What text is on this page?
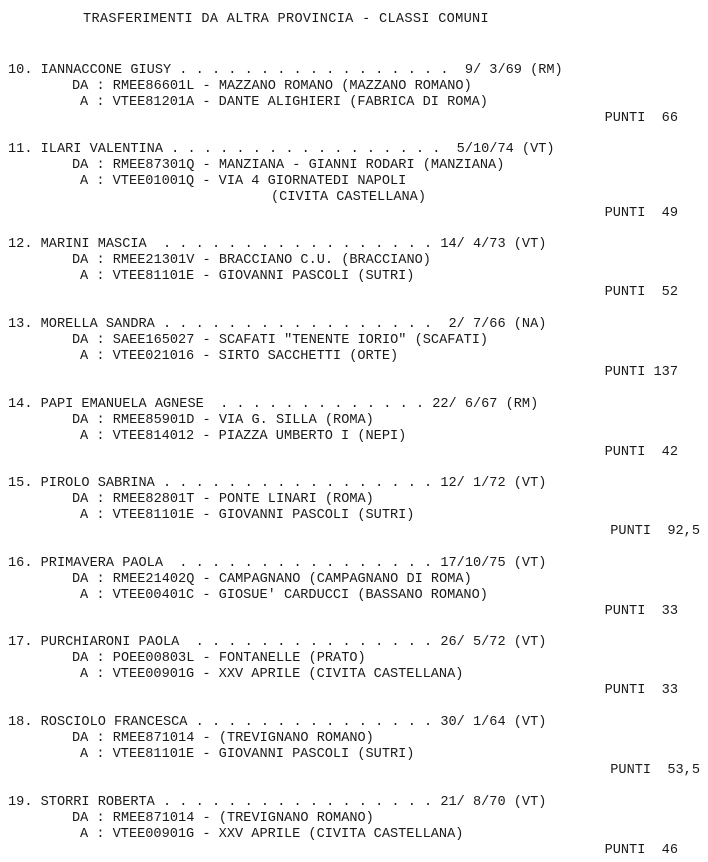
TRASFERIMENTI DA ALTRA PROVINCIA - CLASSI COMUNI
10. IANNACCONE GIUSY . . . . . . . . . . . . . . . . .  9/ 3/69 (RM)
DA : RMEE86601L - MAZZANO ROMANO (MAZZANO ROMANO)
A : VTEE81201A - DANTE ALIGHIERI (FABRICA DI ROMA)
PUNTI  66
11. ILARI VALENTINA . . . . . . . . . . . . . . . . .  5/10/74 (VT)
DA : RMEE87301Q - MANZIANA - GIANNI RODARI (MANZIANA)
A : VTEE01001Q - VIA 4 GIORNATEDI NAPOLI
(CIVITA CASTELLANA)
PUNTI  49
12. MARINI MASCIA  . . . . . . . . . . . . . . . . . 14/ 4/73 (VT)
DA : RMEE21301V - BRACCIANO C.U. (BRACCIANO)
A : VTEE81101E - GIOVANNI PASCOLI (SUTRI)
PUNTI  52
13. MORELLA SANDRA . . . . . . . . . . . . . . . . .  2/ 7/66 (NA)
DA : SAEE165027 - SCAFATI "TENENTE IORIO" (SCAFATI)
A : VTEE021016 - SIRTO SACCHETTI (ORTE)
PUNTI 137
14. PAPI EMANUELA AGNESE  . . . . . . . . . . . . . 22/ 6/67 (RM)
DA : RMEE85901D - VIA G. SILLA (ROMA)
A : VTEE814012 - PIAZZA UMBERTO I (NEPI)
PUNTI  42
15. PIROLO SABRINA . . . . . . . . . . . . . . . . . 12/ 1/72 (VT)
DA : RMEE82801T - PONTE LINARI (ROMA)
A : VTEE81101E - GIOVANNI PASCOLI (SUTRI)
PUNTI  92,5
16. PRIMAVERA PAOLA  . . . . . . . . . . . . . . . . 17/10/75 (VT)
DA : RMEE21402Q - CAMPAGNANO (CAMPAGNANO DI ROMA)
A : VTEE00401C - GIOSUE' CARDUCCI (BASSANO ROMANO)
PUNTI  33
17. PURCHIARONI PAOLA  . . . . . . . . . . . . . . . 26/ 5/72 (VT)
DA : POEE00803L - FONTANELLE (PRATO)
A : VTEE00901G - XXV APRILE (CIVITA CASTELLANA)
PUNTI  33
18. ROSCIOLO FRANCESCA . . . . . . . . . . . . . . . 30/ 1/64 (VT)
DA : RMEE871014 - (TREVIGNANO ROMANO)
A : VTEE81101E - GIOVANNI PASCOLI (SUTRI)
PUNTI  53,5
19. STORRI ROBERTA . . . . . . . . . . . . . . . . . 21/ 8/70 (VT)
DA : RMEE871014 - (TREVIGNANO ROMANO)
A : VTEE00901G - XXV APRILE (CIVITA CASTELLANA)
PUNTI  46
